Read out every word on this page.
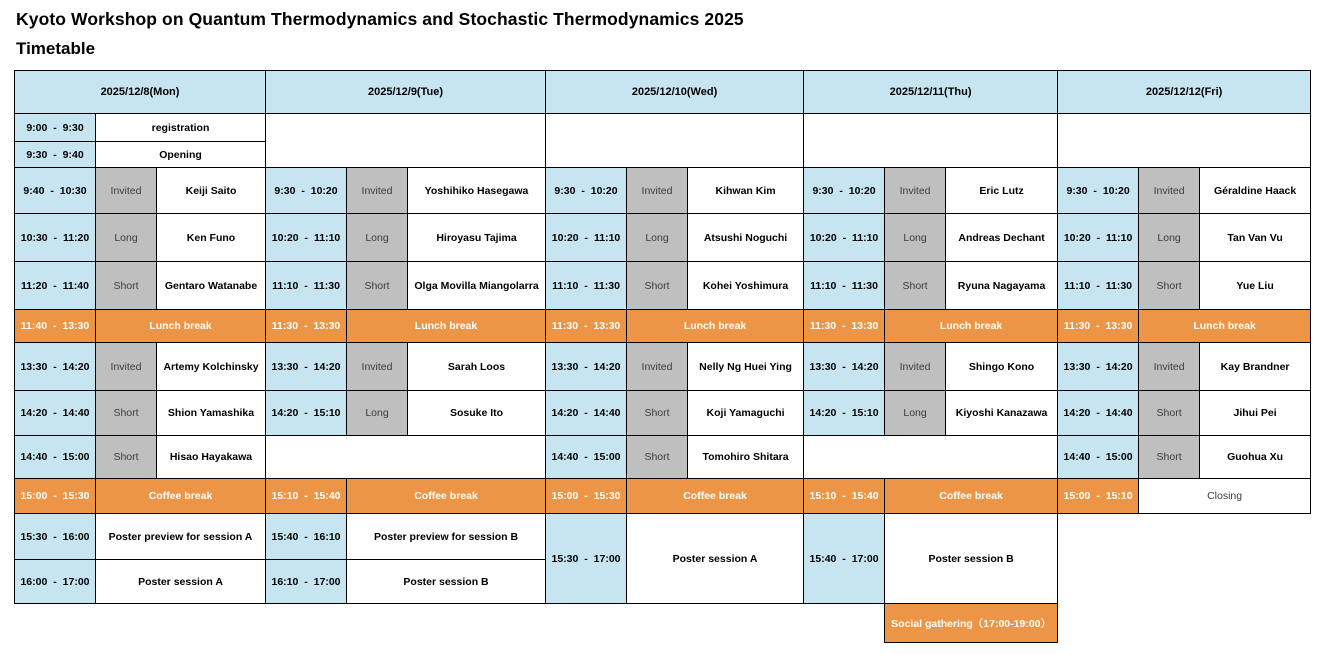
Kyoto Workshop on Quantum Thermodynamics and Stochastic Thermodynamics 2025
Timetable
2025/12/8(Mon)			2025/12/9(Tue)			2025/12/10(Wed)			2025/12/11(Thu)			2025/12/12(Fri)		
9:00 - 9:30	registration													
9:30 - 9:40	Opening													
9:40 - 10:30	Invited	Keiji Saito	9:30 - 10:20	Invited	Yoshihiko Hasegawa	9:30 - 10:20	Invited	Kihwan Kim	9:30 - 10:20	Invited	Eric Lutz	9:30 - 10:20	Invited	Géraldine Haack
10:30 - 11:20	Long	Ken Funo	10:20 - 11:10	Long	Hiroyasu Tajima	10:20 - 11:10	Long	Atsushi Noguchi	10:20 - 11:10	Long	Andreas Dechant	10:20 - 11:10	Long	Tan Van Vu
11:20 - 11:40	Short	Gentaro Watanabe	11:10 - 11:30	Short	Olga Movilla Miangolarra	11:10 - 11:30	Short	Kohei Yoshimura	11:10 - 11:30	Short	Ryuna Nagayama	11:10 - 11:30	Short	Yue Liu
11:40 - 13:30	Lunch break		11:30 - 13:30	Lunch break		11:30 - 13:30	Lunch break		11:30 - 13:30	Lunch break		11:30 - 13:30	Lunch break	
13:30 - 14:20	Invited	Artemy Kolchinsky	13:30 - 14:20	Invited	Sarah Loos	13:30 - 14:20	Invited	Nelly Ng Huei Ying	13:30 - 14:20	Invited	Shingo Kono	13:30 - 14:20	Invited	Kay Brandner
14:20 - 14:40	Short	Shion Yamashika	14:20 - 15:10	Long	Sosuke Ito	14:20 - 14:40	Short	Koji Yamaguchi	14:20 - 15:10	Long	Kiyoshi Kanazawa	14:20 - 14:40	Short	Jihui Pei
14:40 - 15:00	Short	Hisao Hayakawa				14:40 - 15:00	Short	Tomohiro Shitara				14:40 - 15:00	Short	Guohua Xu
15:00 - 15:30	Coffee break		15:10 - 15:40	Coffee break		15:00 - 15:30	Coffee break		15:10 - 15:40	Coffee break		15:00 - 15:10	Closing	
15:30 - 16:00	Poster preview for session A		15:40 - 16:10	Poster preview for session B		15:30 - 17:00	Poster session A		15:40 - 17:00	Poster session B				
16:00 - 17:00	Poster session A		16:10 - 17:00	Poster session B										
										Social gathering（17:00-19:00）				
